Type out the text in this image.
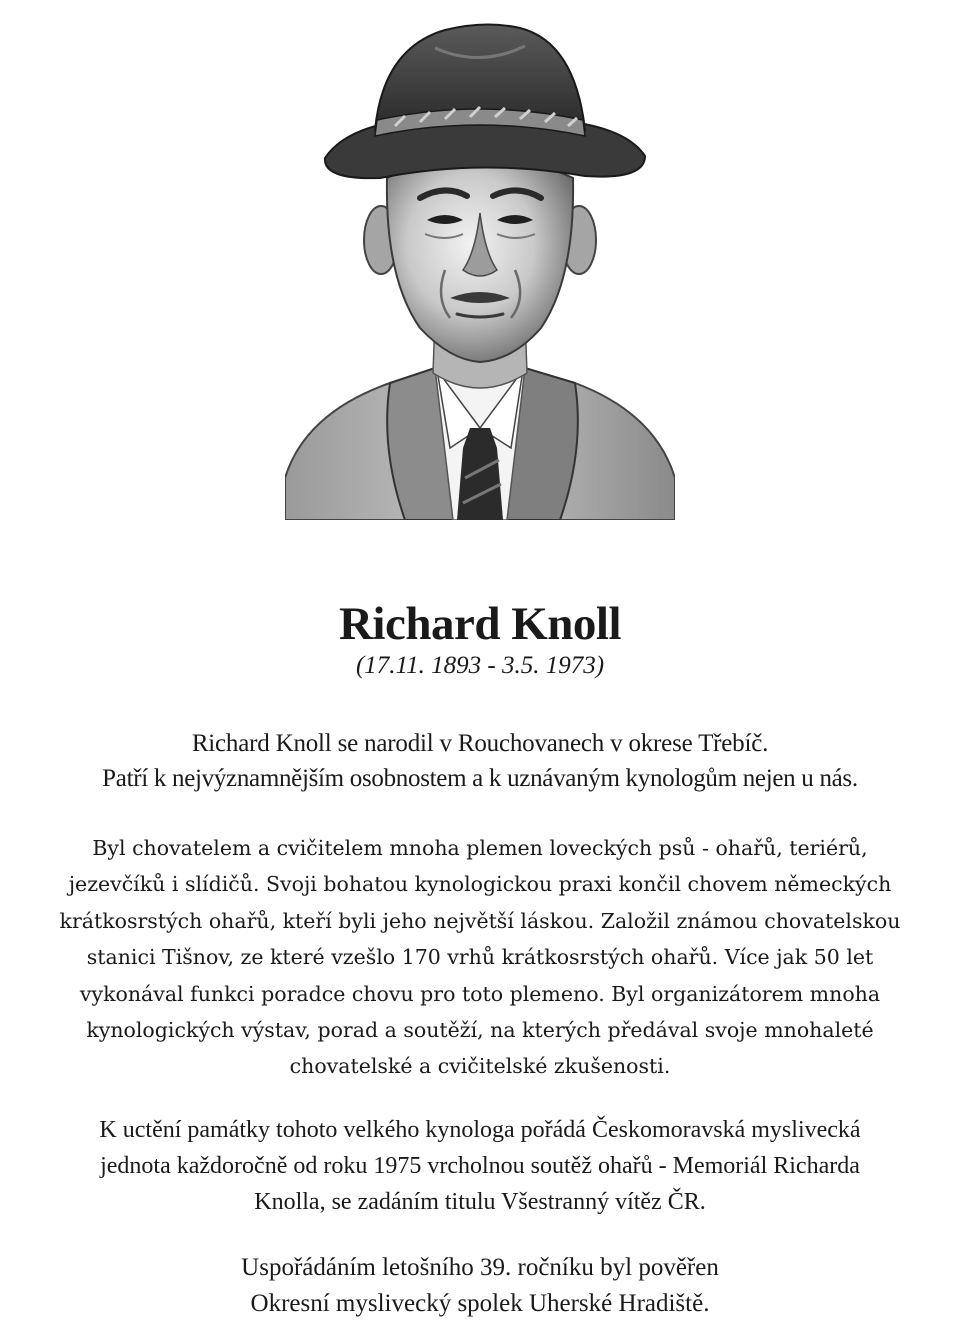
Richard Knoll
(17.11. 1893 - 3.5. 1973)

Richard Knoll se narodil v Rouchovanech v okrese Třebíč.
Patří k nejvýznamnějším osobnostem a k uznávaným kynologům nejen u nás.

Byl chovatelem a cvičitelem mnoha plemen loveckých psů - ohařů, teriérů,
jezevčíků i slídičů. Svoji bohatou kynologickou praxi končil chovem německých
krátkosrstých ohařů, kteří byli jeho největší láskou. Založil známou chovatelskou
stanici Tišnov, ze které vzešlo 170 vrhů krátkosrstých ohařů. Více jak 50 let
vykonával funkci poradce chovu pro toto plemeno. Byl organizátorem mnoha
kynologických výstav, porad a soutěží, na kterých předával svoje mnohaleté
chovatelské a cvičitelské zkušenosti.

K uctění památky tohoto velkého kynologa pořádá Českomoravská myslivecká
jednota každoročně od roku 1975 vrcholnou soutěž ohařů - Memoriál Richarda
Knolla, se zadáním titulu Všestranný vítěz ČR.

Uspořádáním letošního 39. ročníku byl pověřen
Okresní myslivecký spolek Uherské Hradiště.
